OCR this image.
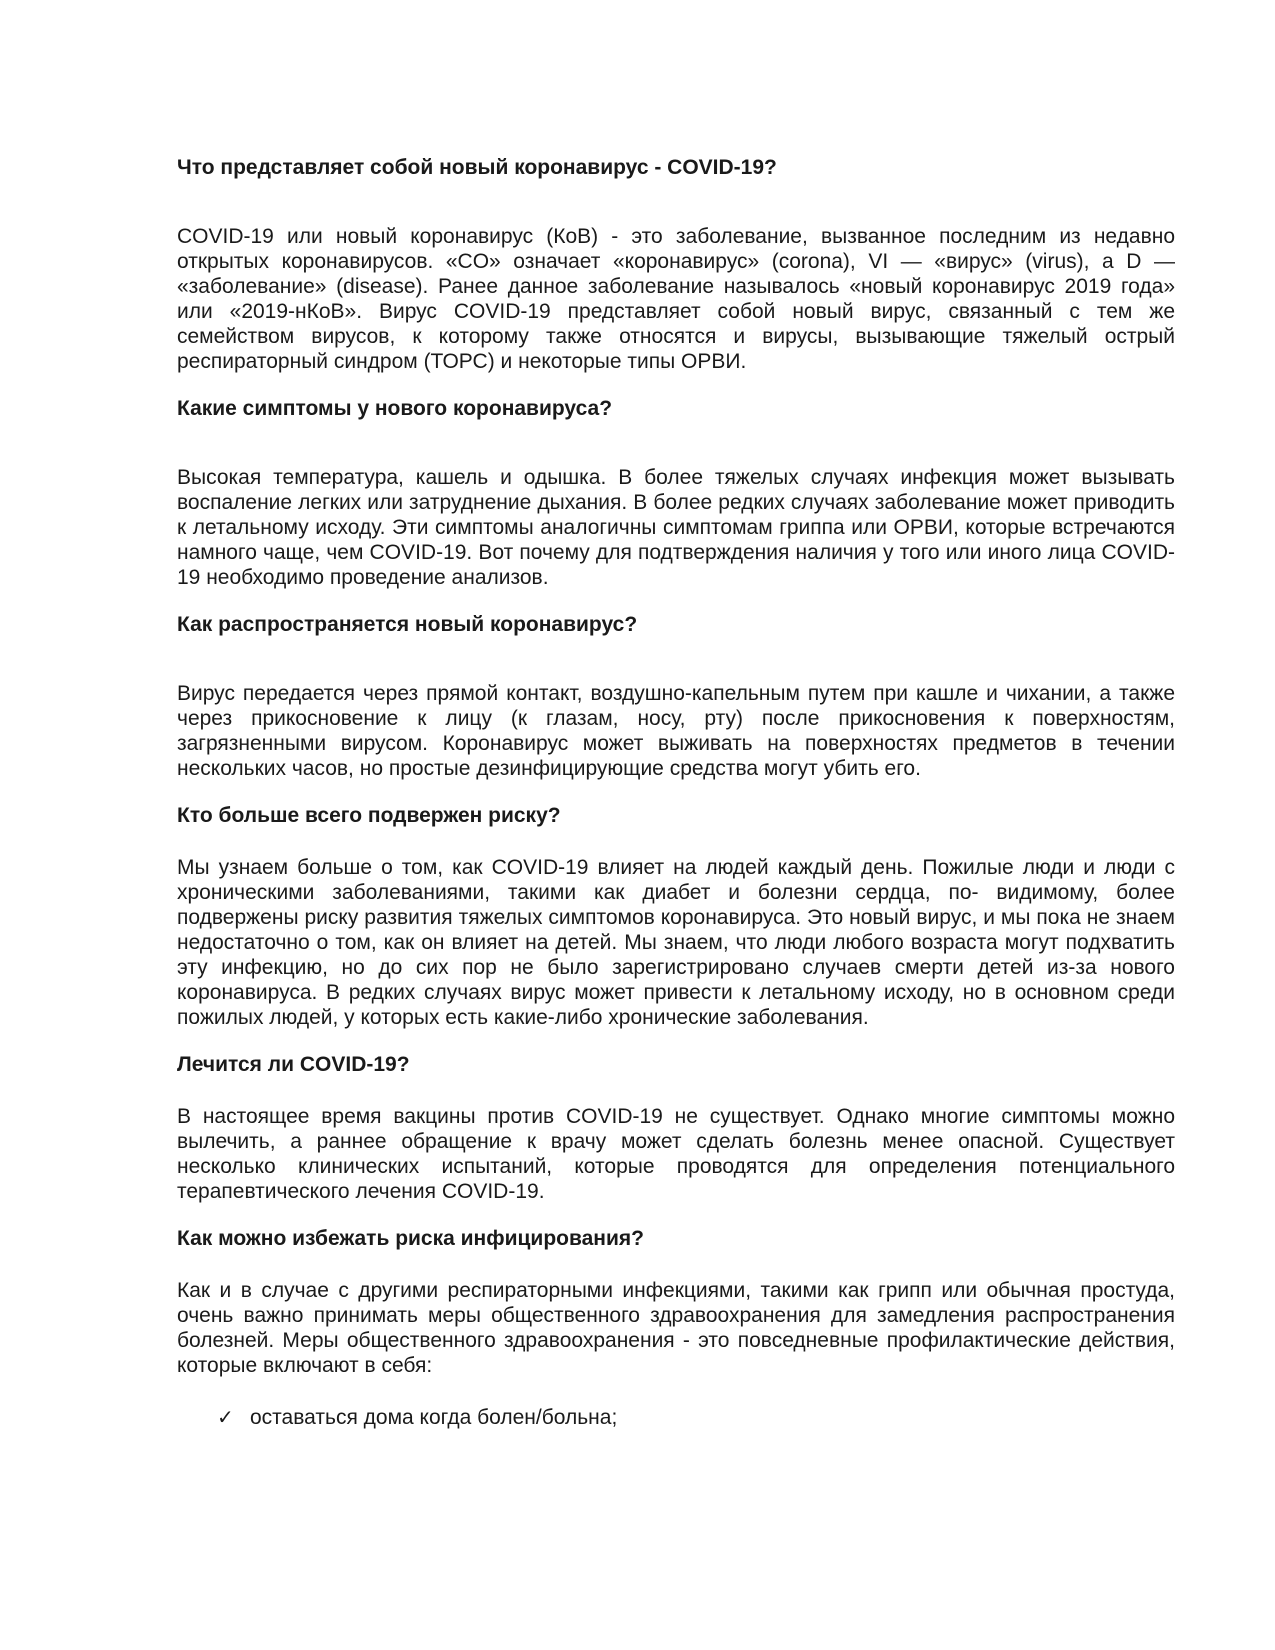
Что представляет собой новый коронавирус - COVID-19?

COVID-19 или новый коронавирус (КоВ) - это заболевание, вызванное последним из недавно открытых коронавирусов. «CO» означает «коронавирус» (corona), VI — «вирус» (virus), а D — «заболевание» (disease). Ранее данное заболевание называлось «новый коронавирус 2019 года» или «2019-нКоВ». Вирус COVID-19 представляет собой новый вирус, связанный с тем же семейством вирусов, к которому также относятся и вирусы, вызывающие тяжелый острый респираторный синдром (ТОРС) и некоторые типы ОРВИ.

Какие симптомы у нового коронавируса?

Высокая температура, кашель и одышка. В более тяжелых случаях инфекция может вызывать воспаление легких или затруднение дыхания. В более редких случаях заболевание может приводить к летальному исходу. Эти симптомы аналогичны симптомам гриппа или ОРВИ, которые встречаются намного чаще, чем COVID-19. Вот почему для подтверждения наличия у того или иного лица COVID-19 необходимо проведение анализов.

Как распространяется новый коронавирус?

Вирус передается через прямой контакт, воздушно-капельным путем при кашле и чихании, а также через прикосновение к лицу (к глазам, носу, рту) после прикосновения к поверхностям, загрязненными вирусом. Коронавирус может выживать на поверхностях предметов в течении нескольких часов, но простые дезинфицирующие средства могут убить его.

Кто больше всего подвержен риску?

Мы узнаем больше о том, как COVID-19 влияет на людей каждый день. Пожилые люди и люди с хроническими заболеваниями, такими как диабет и болезни сердца, по- видимому, более подвержены риску развития тяжелых симптомов коронавируса. Это новый вирус, и мы пока не знаем недостаточно о том, как он влияет на детей. Мы знаем, что люди любого возраста могут подхватить эту инфекцию, но до сих пор не было зарегистрировано случаев смерти детей из-за нового коронавируса. В редких случаях вирус может привести к летальному исходу, но в основном среди пожилых людей, у которых есть какие-либо хронические заболевания.

Лечится ли COVID-19?

В настоящее время вакцины против COVID-19 не существует. Однако многие симптомы можно вылечить, а раннее обращение к врачу может сделать болезнь менее опасной. Существует несколько клинических испытаний, которые проводятся для определения потенциального терапевтического лечения COVID-19.

Как можно избежать риска инфицирования?

Как и в случае с другими респираторными инфекциями, такими как грипп или обычная простуда, очень важно принимать меры общественного здравоохранения для замедления распространения болезней. Меры общественного здравоохранения - это повседневные профилактические действия, которые включают в себя:

✓ оставаться дома когда болен/больна;
